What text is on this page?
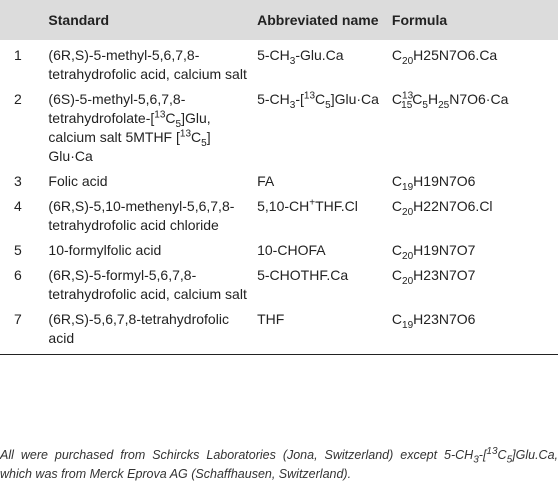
	Standard	Abbreviated name	Formula
1	(6R,S)-5-methyl-5,6,7,8-tetrahydrofolic acid, calcium salt	$5-CH_3-Glu.Ca$	$C_{20}H25N7O6.Ca$
2	$(6S)-5-methyl-5,6,7,8-tetrahydrofolate-[^{13}C_5]Glu$, calcium salt 5MTHF $[^{13}C_5]$ Glu·Ca	$5-CH_3-[^{13}C_5]Glu\cdot Ca$	$C^{13}_{15}C_5H_{25}N7O6\cdot Ca$
3	Folic acid	FA	$C_{19}H19N7O6$
4	(6R,S)-5,10-methenyl-5,6,7,8-tetrahydrofolic acid chloride	5,10-CH+THF.Cl	$C_{20}H22N7O6.Cl$
5	10-formylfolic acid	10-CHOFA	$C_{20}H19N7O7$
6	(6R,S)-5-formyl-5,6,7,8-tetrahydrofolic acid, calcium salt	5-CHOTHF.Ca	$C_{20}H23N7O7$
7	(6R,S)-5,6,7,8-tetrahydrofolic acid	THF	$C_{19}H23N7O6$
All were purchased from Schircks Laboratories (Jona, Switzerland) except $5-CH_3-[^{13}C_5]Glu.Ca$, which was from Merck Eprova AG (Schaffhausen, Switzerland).
